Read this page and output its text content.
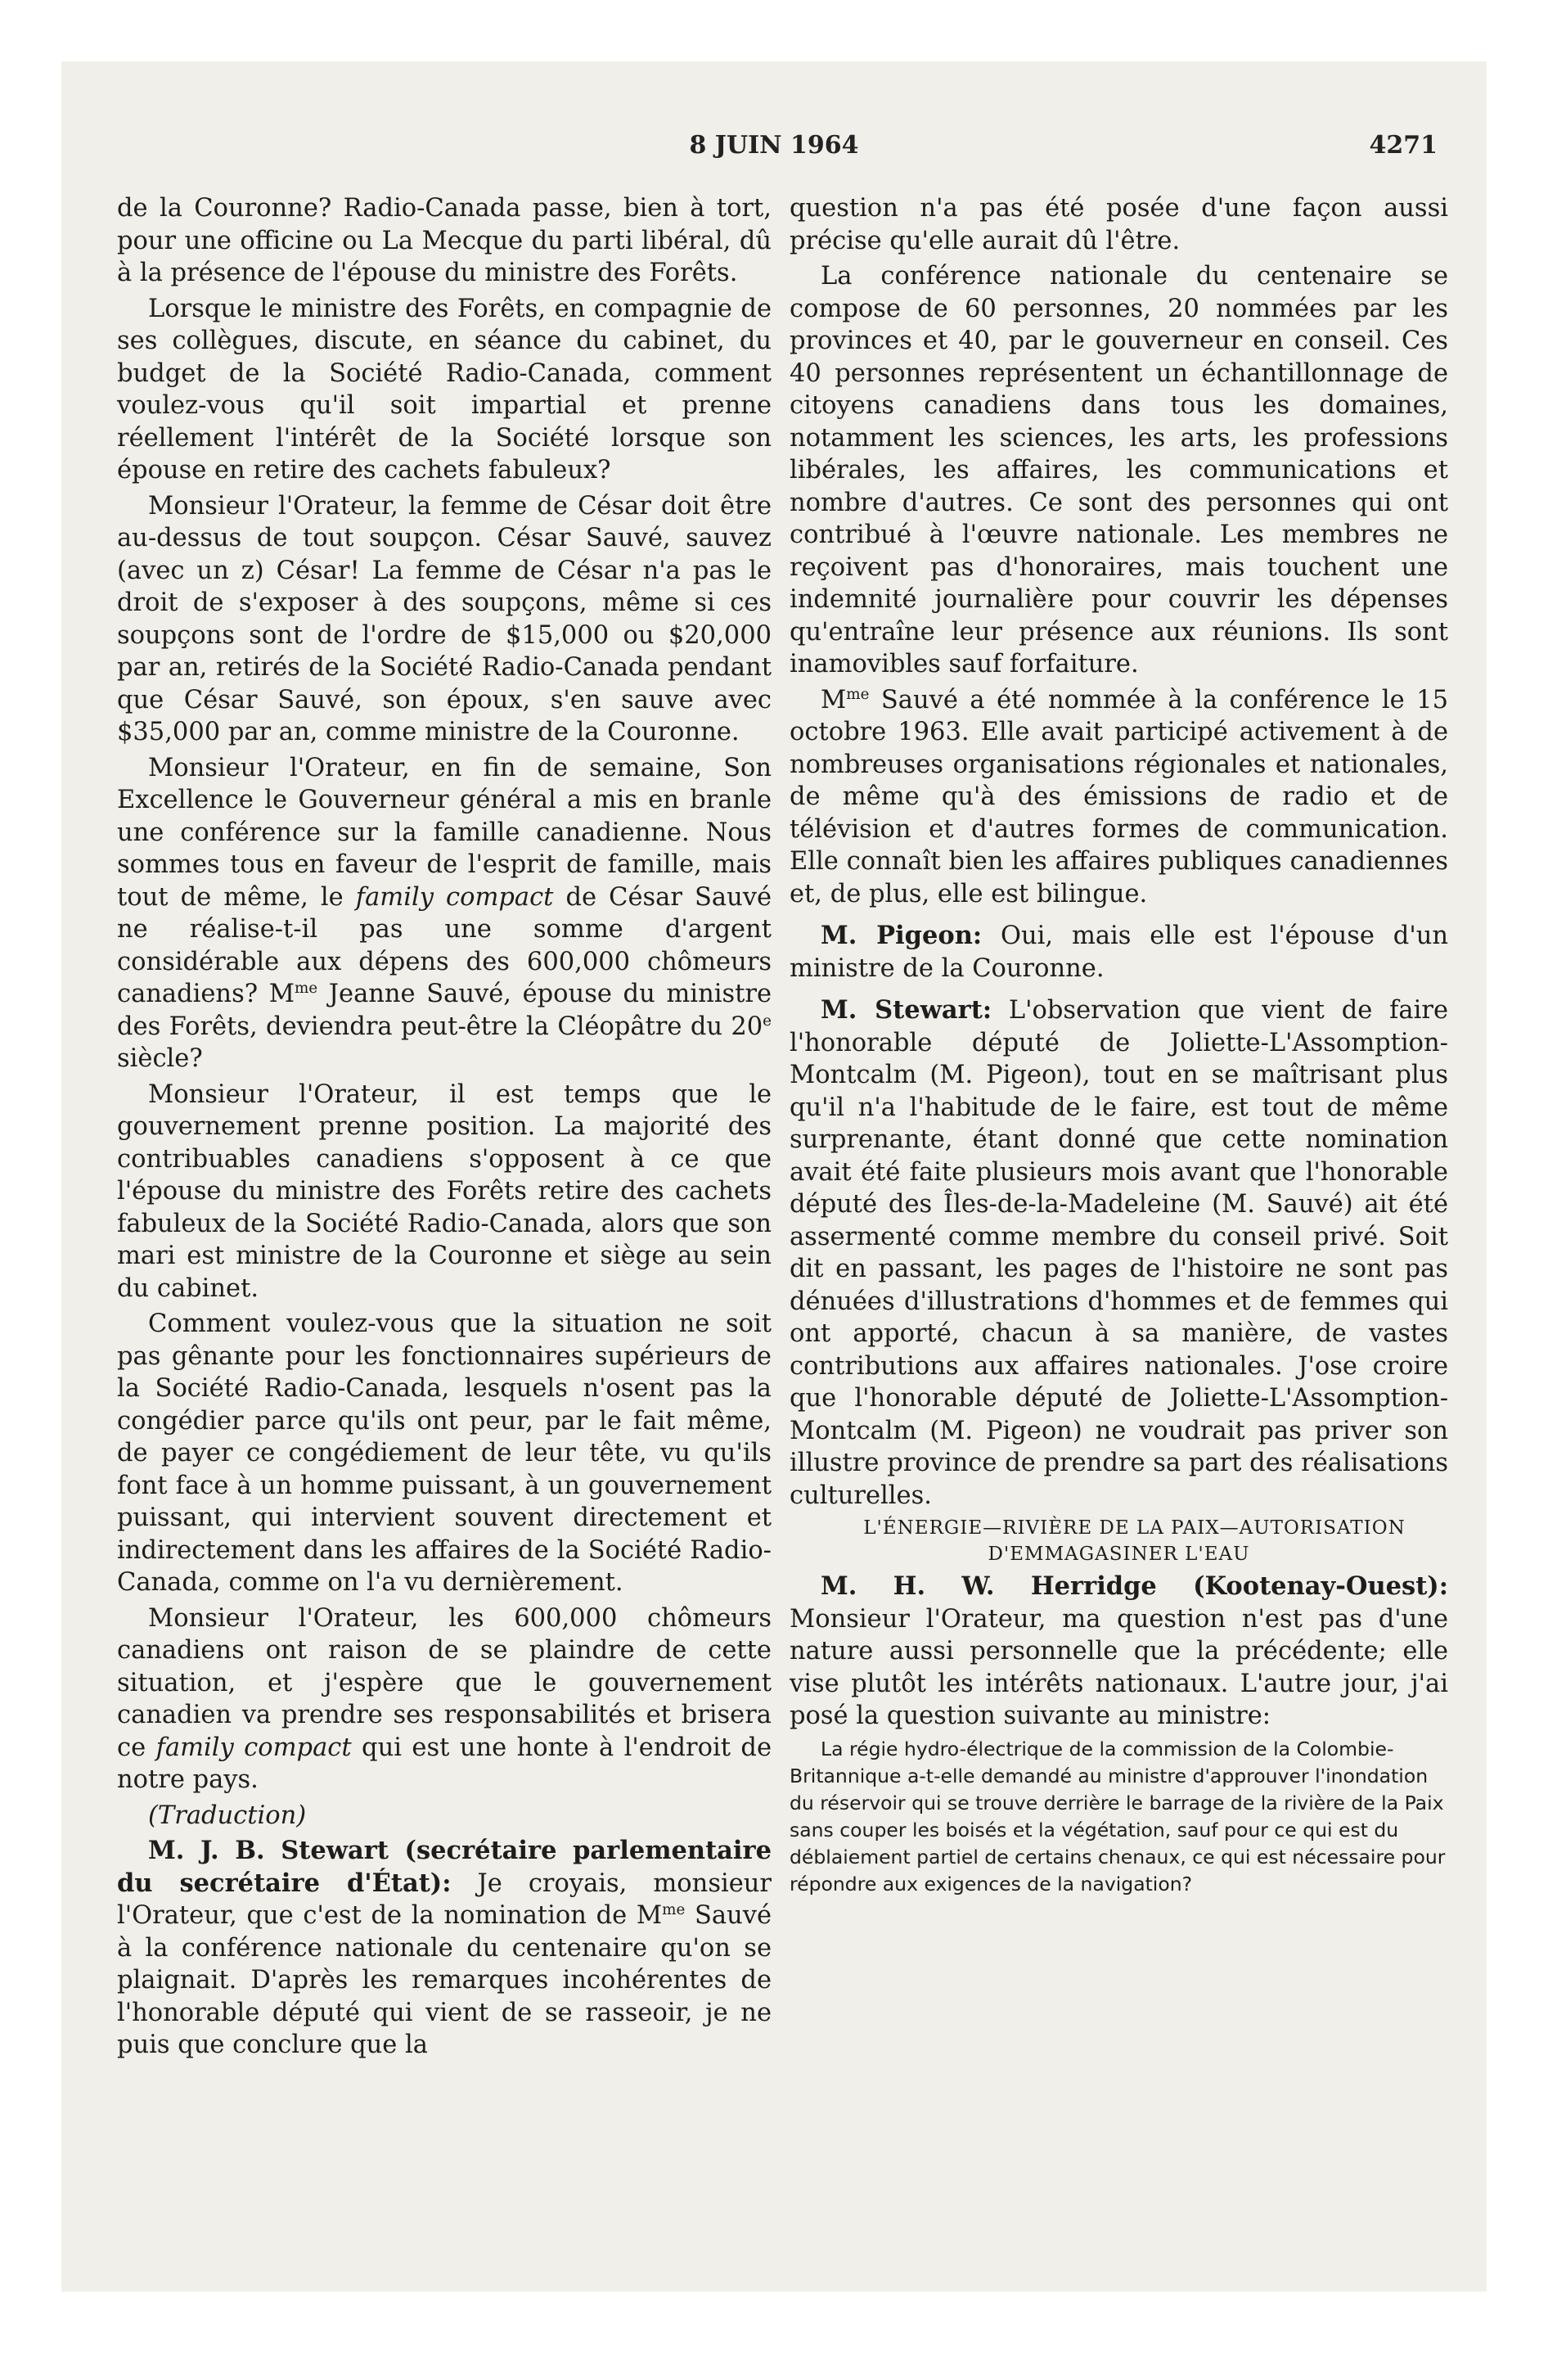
8 JUIN 1964	4271

de la Couronne? Radio-Canada passe, bien à tort, pour une officine ou La Mecque du parti libéral, dû à la présence de l'épouse du ministre des Forêts.

Lorsque le ministre des Forêts, en compagnie de ses collègues, discute, en séance du cabinet, du budget de la Société Radio-Canada, comment voulez-vous qu'il soit impartial et prenne réellement l'intérêt de la Société lorsque son épouse en retire des cachets fabuleux?

Monsieur l'Orateur, la femme de César doit être au-dessus de tout soupçon. César Sauvé, sauvez (avec un z) César! La femme de César n'a pas le droit de s'exposer à des soupçons, même si ces soupçons sont de l'ordre de $15,000 ou $20,000 par an, retirés de la Société Radio-Canada pendant que César Sauvé, son époux, s'en sauve avec $35,000 par an, comme ministre de la Couronne.

Monsieur l'Orateur, en fin de semaine, Son Excellence le Gouverneur général a mis en branle une conférence sur la famille canadienne. Nous sommes tous en faveur de l'esprit de famille, mais tout de même, le family compact de César Sauvé ne réalise-t-il pas une somme d'argent considérable aux dépens des 600,000 chômeurs canadiens? $M^{me}$ Jeanne Sauvé, épouse du ministre des Forêts, deviendra peut-être la Cléopâtre du 20e siècle?

Monsieur l'Orateur, il est temps que le gouvernement prenne position. La majorité des contribuables canadiens s'opposent à ce que l'épouse du ministre des Forêts retire des cachets fabuleux de la Société Radio-Canada, alors que son mari est ministre de la Couronne et siège au sein du cabinet.

Comment voulez-vous que la situation ne soit pas gênante pour les fonctionnaires supérieurs de la Société Radio-Canada, lesquels n'osent pas la congédier parce qu'ils ont peur, par le fait même, de payer ce congédiement de leur tête, vu qu'ils font face à un homme puissant, à un gouvernement puissant, qui intervient souvent directement et indirectement dans les affaires de la Société Radio-Canada, comme on l'a vu dernièrement.

Monsieur l'Orateur, les 600,000 chômeurs canadiens ont raison de se plaindre de cette situation, et j'espère que le gouvernement canadien va prendre ses responsabilités et brisera ce family compact qui est une honte à l'endroit de notre pays.

(Traduction)

M. J. B. Stewart (secrétaire parlementaire du secrétaire d'État): Je croyais, monsieur l'Orateur, que c'est de la nomination de $M^{me}$ Sauvé à la conférence nationale du centenaire qu'on se plaignait. D'après les remarques incohérentes de l'honorable député qui vient de se rasseoir, je ne puis que conclure que la

question n'a pas été posée d'une façon aussi précise qu'elle aurait dû l'être.

La conférence nationale du centenaire se compose de 60 personnes, 20 nommées par les provinces et 40, par le gouverneur en conseil. Ces 40 personnes représentent un échantillonnage de citoyens canadiens dans tous les domaines, notamment les sciences, les arts, les professions libérales, les affaires, les communications et nombre d'autres. Ce sont des personnes qui ont contribué à l'œuvre nationale. Les membres ne reçoivent pas d'honoraires, mais touchent une indemnité journalière pour couvrir les dépenses qu'entraîne leur présence aux réunions. Ils sont inamovibles sauf forfaiture.

$M^{me}$ Sauvé a été nommée à la conférence le 15 octobre 1963. Elle avait participé activement à de nombreuses organisations régionales et nationales, de même qu'à des émissions de radio et de télévision et d'autres formes de communication. Elle connaît bien les affaires publiques canadiennes et, de plus, elle est bilingue.

M. Pigeon: Oui, mais elle est l'épouse d'un ministre de la Couronne.

M. Stewart: L'observation que vient de faire l'honorable député de Joliette-L'Assomption-Montcalm (M. Pigeon), tout en se maîtrisant plus qu'il n'a l'habitude de le faire, est tout de même surprenante, étant donné que cette nomination avait été faite plusieurs mois avant que l'honorable député des Îles-de-la-Madeleine (M. Sauvé) ait été assermenté comme membre du conseil privé. Soit dit en passant, les pages de l'histoire ne sont pas dénuées d'illustrations d'hommes et de femmes qui ont apporté, chacun à sa manière, de vastes contributions aux affaires nationales. J'ose croire que l'honorable député de Joliette-L'Assomption-Montcalm (M. Pigeon) ne voudrait pas priver son illustre province de prendre sa part des réalisations culturelles.

L'ÉNERGIE—RIVIÈRE DE LA PAIX—AUTORISATION
D'EMMAGASINER L'EAU

M. H. W. Herridge (Kootenay-Ouest): Monsieur l'Orateur, ma question n'est pas d'une nature aussi personnelle que la précédente; elle vise plutôt les intérêts nationaux. L'autre jour, j'ai posé la question suivante au ministre:

La régie hydro-électrique de la commission de la Colombie-Britannique a-t-elle demandé au ministre d'approuver l'inondation du réservoir qui se trouve derrière le barrage de la rivière de la Paix sans couper les boisés et la végétation, sauf pour ce qui est du déblaiement partiel de certains chenaux, ce qui est nécessaire pour répondre aux exigences de la navigation?
